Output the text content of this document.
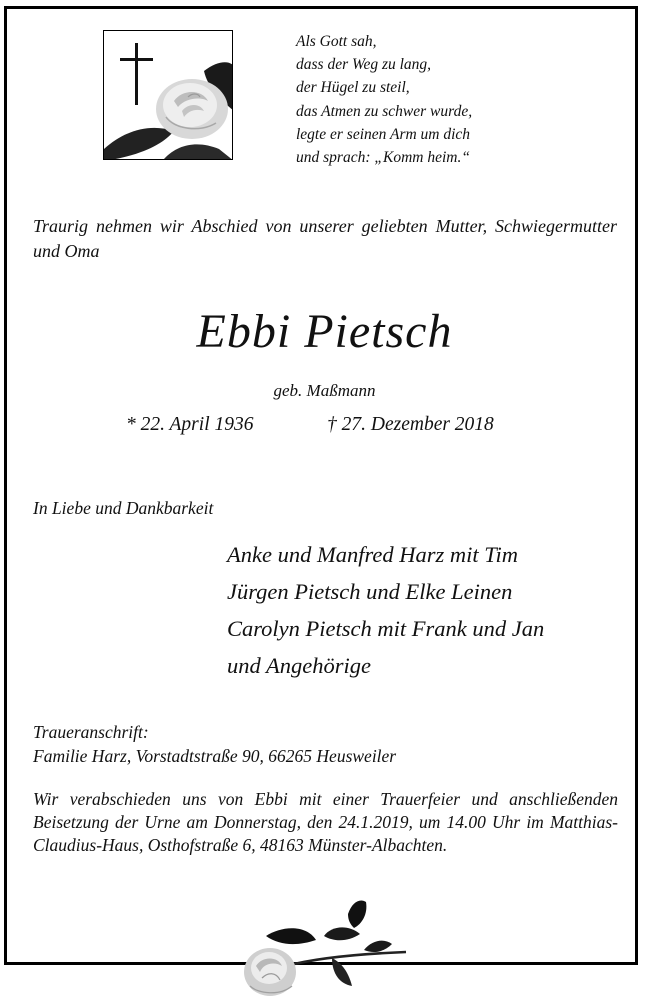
Als Gott sah,
dass der Weg zu lang,
der Hügel zu steil,
das Atmen zu schwer wurde,
legte er seinen Arm um dich
und sprach: „Komm heim.“
Traurig nehmen wir Abschied von unserer geliebten Mutter, Schwiegermutter und Oma
Ebbi Pietsch
geb. Maßmann
* 22. April 1936	† 27. Dezember 2018
In Liebe und Dankbarkeit
Anke und Manfred Harz mit Tim
Jürgen Pietsch und Elke Leinen
Carolyn Pietsch mit Frank und Jan
und Angehörige
Traueranschrift:
Familie Harz, Vorstadtstraße 90, 66265 Heusweiler
Wir verabschieden uns von Ebbi mit einer Trauerfeier und anschließenden Beisetzung der Urne am Donnerstag, den 24.1.2019, um 14.00 Uhr im Matthias-Claudius-Haus, Osthofstraße 6, 48163 Münster-Albachten.
